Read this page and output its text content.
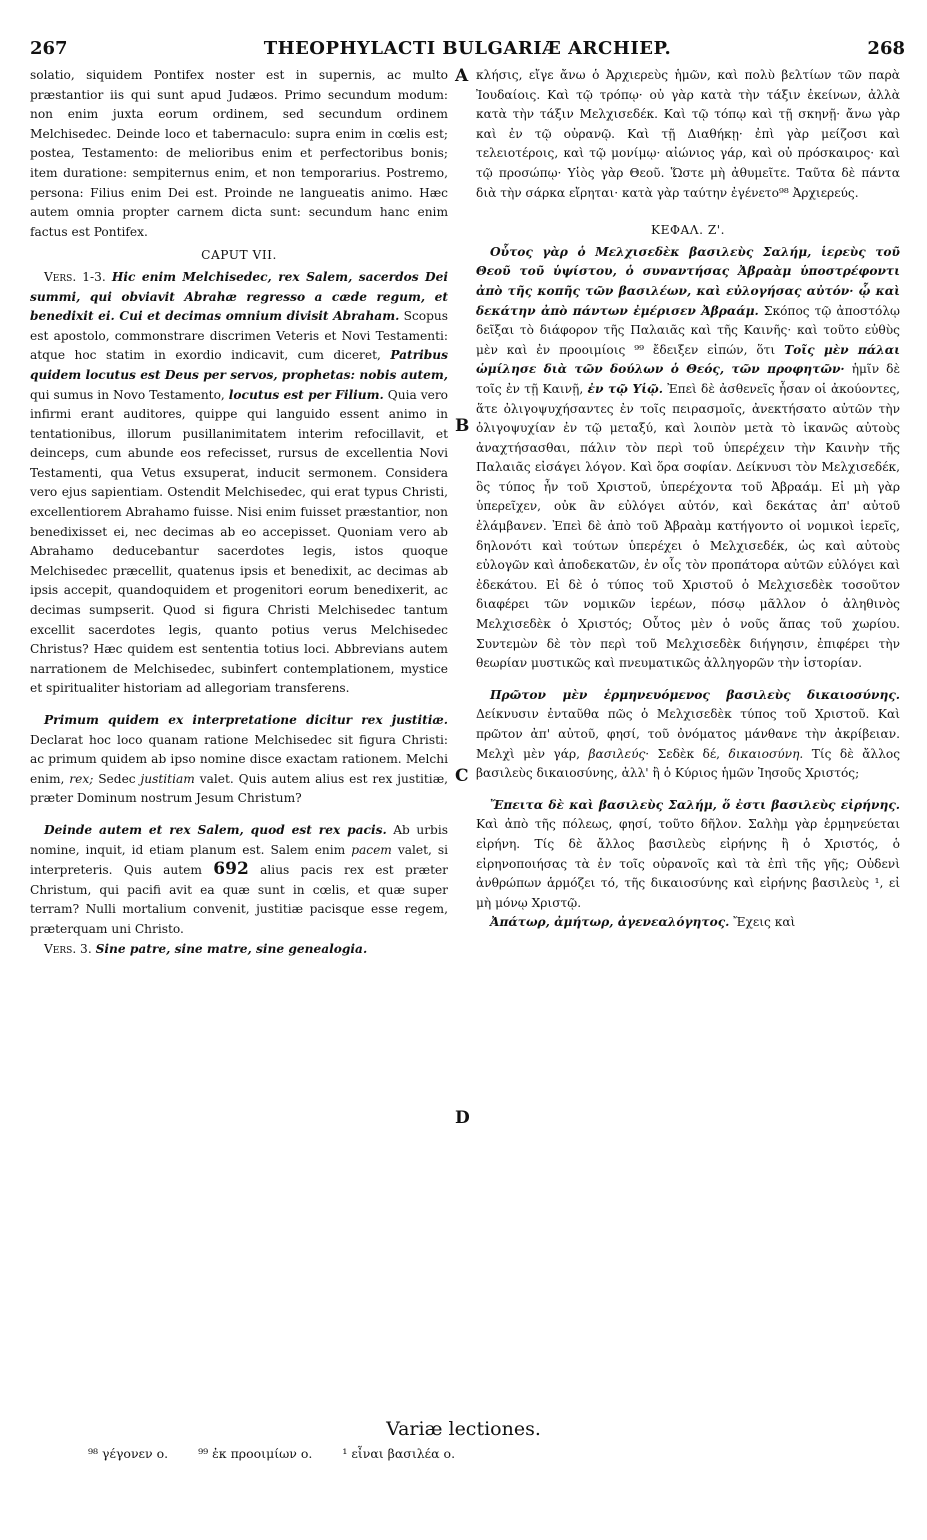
267	THEOPHYLACTI BULGARIÆ ARCHIEP.	268
A
B
C
D

solatio, siquidem Pontifex noster est in supernis, ac multo præstantior iis qui sunt apud Judæos. Primo secundum modum: non enim juxta eorum ordinem, sed secundum ordinem Melchisedec. Deinde loco et tabernaculo: supra enim in cœlis est; postea, Testamento: de melioribus enim et perfectoribus bonis; item duratione: sempiternus enim, et non temporarius. Postremo, persona: Filius enim Dei est. Proinde ne langueatis animo. Hæc autem omnia propter carnem dicta sunt: secundum hanc enim factus est Pontifex.

CAPUT VII.

Vers. 1-3. Hic enim Melchisedec, rex Salem, sacerdos Dei summi, qui obviavit Abrahæ regresso a cæde regum, et benedixit ei. Cui et decimas omnium divisit Abraham. Scopus est apostolo, commonstrare discrimen Veteris et Novi Testamenti: atque hoc statim in exordio indicavit, cum diceret, Patribus quidem locutus est Deus per servos, prophetas: nobis autem, qui sumus in Novo Testamento, locutus est per Filium. Quia vero infirmi erant auditores, quippe qui languido essent animo in tentationibus, illorum pusillanimitatem interim refocillavit, et deinceps, cum abunde eos refecisset, rursus de excellentia Novi Testamenti, qua Vetus exsuperat, inducit sermonem. Considera vero ejus sapientiam. Ostendit Melchisedec, qui erat typus Christi, excellentiorem Abrahamo fuisse. Nisi enim fuisset præstantior, non benedixisset ei, nec decimas ab eo accepisset. Quoniam vero ab Abrahamo deducebantur sacerdotes legis, istos quoque Melchisedec præcellit, quatenus ipsis et benedixit, ac decimas ab ipsis accepit, quandoquidem et progenitori eorum benedixerit, ac decimas sumpserit. Quod si figura Christi Melchisedec tantum excellit sacerdotes legis, quanto potius verus Melchisedec Christus? Hæc quidem est sententia totius loci. Abbrevians autem narrationem de Melchisedec, subinfert contemplationem, mystice et spiritualiter historiam ad allegoriam transferens.

Primum quidem ex interpretatione dicitur rex justitiæ. Declarat hoc loco quanam ratione Melchisedec sit figura Christi: ac primum quidem ab ipso nomine disce exactam rationem. Melchi enim, rex; Sedec justitiam valet. Quis autem alius est rex justitiæ, præter Dominum nostrum Jesum Christum?

Deinde autem et rex Salem, quod est rex pacis. Ab urbis nomine, inquit, id etiam planum est. Salem enim pacem valet, si interpreteris. Quis autem 692 alius pacis rex est præter Christum, qui pacifi avit ea quæ sunt in cœlis, et quæ super terram? Nulli mortalium convenit, justitiæ pacisque esse regem, præterquam uni Christo.

Vers. 3. Sine patre, sine matre, sine genealogia.

κλήσις, εἴγε ἄνω ὁ Ἀρχιερεὺς ἡμῶν, καὶ πολὺ βελτίων τῶν παρὰ Ἰουδαίοις. Καὶ τῷ τρόπῳ· οὐ γὰρ κατὰ τὴν τάξιν ἐκείνων, ἀλλὰ κατὰ τὴν τάξιν Μελχισεδέκ. Καὶ τῷ τόπῳ καὶ τῇ σκηνῇ· ἄνω γὰρ καὶ ἐν τῷ οὐρανῷ. Καὶ τῇ Διαθήκῃ· ἐπὶ γὰρ μείζοσι καὶ τελειοτέροις, καὶ τῷ μονίμῳ· αἰώνιος γάρ, καὶ οὐ πρόσκαιρος· καὶ τῷ προσώπῳ· Υἱὸς γὰρ Θεοῦ. Ὥστε μὴ ἀθυμεῖτε. Ταῦτα δὲ πάντα διὰ τὴν σάρκα εἴρηται· κατὰ γὰρ ταύτην ἐγένετο⁹⁸ Ἀρχιερεύς.

ΚΕΦΑΛ. Ζ'.

Οὗτος γὰρ ὁ Μελχισεδὲκ βασιλεὺς Σαλήμ, ἱερεὺς τοῦ Θεοῦ τοῦ ὑψίστου, ὁ συναντήσας Ἀβραὰμ ὑποστρέφοντι ἀπὸ τῆς κοπῆς τῶν βασιλέων, καὶ εὐλογήσας αὐτόν· ᾧ καὶ δεκάτην ἀπὸ πάντων ἐμέρισεν Ἀβραάμ. Σκόπος τῷ ἀποστόλῳ δεῖξαι τὸ διάφορον τῆς Παλαιᾶς καὶ τῆς Καινῆς· καὶ τοῦτο εὐθὺς μὲν καὶ ἐν προοιμίοις ⁹⁹ ἔδειξεν εἰπών, ὅτι Τοῖς μὲν πάλαι ὡμίλησε διὰ τῶν δούλων ὁ Θεός, τῶν προφητῶν· ἡμῖν δὲ τοῖς ἐν τῇ Καινῇ, ἐν τῷ Υἱῷ. Ἐπεὶ δὲ ἀσθενεῖς ἦσαν οἱ ἀκούοντες, ἅτε ὀλιγοψυχήσαντες ἐν τοῖς πειρασμοῖς, ἀνεκτήσατο αὐτῶν τὴν ὀλιγοψυχίαν ἐν τῷ μεταξύ, καὶ λοιπὸν μετὰ τὸ ἱκανῶς αὐτοὺς ἀναχτήσασθαι, πάλιν τὸν περὶ τοῦ ὑπερέχειν τὴν Καινὴν τῆς Παλαιᾶς εἰσάγει λόγον. Καὶ ὅρα σοφίαν. Δείκνυσι τὸν Μελχισεδέκ, ὃς τύπος ἦν τοῦ Χριστοῦ, ὑπερέχοντα τοῦ Ἀβραάμ. Εἰ μὴ γὰρ ὑπερεῖχεν, οὐκ ἂν εὐλόγει αὐτόν, καὶ δεκάτας ἀπ' αὐτοῦ ἐλάμβανεν. Ἐπεὶ δὲ ἀπὸ τοῦ Ἀβραὰμ κατήγοντο οἱ νομικοὶ ἱερεῖς, δηλονότι καὶ τούτων ὑπερέχει ὁ Μελχισεδέκ, ὡς καὶ αὐτοὺς εὐλογῶν καὶ ἀποδεκατῶν, ἐν οἷς τὸν προπάτορα αὐτῶν εὐλόγει καὶ ἐδεκάτου. Εἰ δὲ ὁ τύπος τοῦ Χριστοῦ ὁ Μελχισεδὲκ τοσοῦτον διαφέρει τῶν νομικῶν ἱερέων, πόσῳ μᾶλλον ὁ ἀληθινὸς Μελχισεδὲκ ὁ Χριστός; Οὗτος μὲν ὁ νοῦς ἅπας τοῦ χωρίου. Συντεμὼν δὲ τὸν περὶ τοῦ Μελχισεδὲκ διήγησιν, ἐπιφέρει τὴν θεωρίαν μυστικῶς καὶ πνευματικῶς ἀλληγορῶν τὴν ἱστορίαν.

Πρῶτον μὲν ἑρμηνευόμενος βασιλεὺς δικαιοσύνης. Δείκνυσιν ἐνταῦθα πῶς ὁ Μελχισεδὲκ τύπος τοῦ Χριστοῦ. Καὶ πρῶτον ἀπ' αὐτοῦ, φησί, τοῦ ὀνόματος μάνθανε τὴν ἀκρίβειαν. Μελχὶ μὲν γάρ, βασιλεύς· Σεδὲκ δέ, δικαιοσύνη. Τίς δὲ ἄλλος βασιλεὺς δικαιοσύνης, ἀλλ' ἢ ὁ Κύριος ἡμῶν Ἰησοῦς Χριστός;

Ἔπειτα δὲ καὶ βασιλεὺς Σαλήμ, ὅ ἐστι βασιλεὺς εἰρήνης. Καὶ ἀπὸ τῆς πόλεως, φησί, τοῦτο δῆλον. Σαλὴμ γὰρ ἑρμηνεύεται εἰρήνη. Τίς δὲ ἄλλος βασιλεὺς εἰρήνης ἢ ὁ Χριστός, ὁ εἰρηνοποιήσας τὰ ἐν τοῖς οὐρανοῖς καὶ τὰ ἐπὶ τῆς γῆς; Οὐδενὶ ἀνθρώπων ἁρμόζει τό, τῆς δικαιοσύνης καὶ εἰρήνης βασιλεὺς ¹, εἰ μὴ μόνῳ Χριστῷ.

Ἀπάτωρ, ἀμήτωρ, ἀγενεαλόγητος. Ἔχεις καὶ

Variæ lectiones.
⁹⁸ γέγονεν ο. ⁹⁹ ἐκ προοιμίων ο. ¹ εἶναι βασιλέα ο.
